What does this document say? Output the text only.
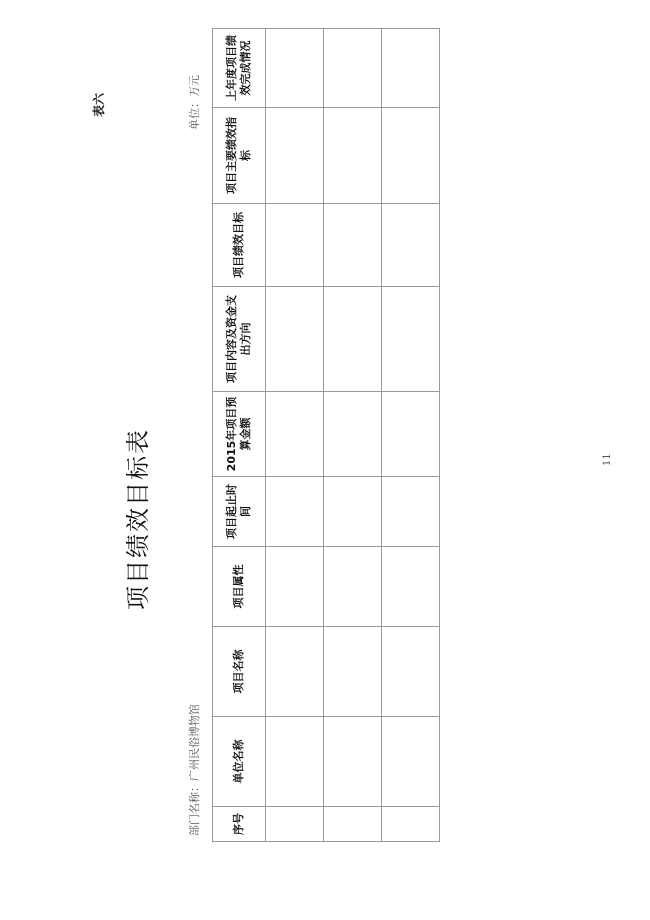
表六
项目绩效目标表
单位：万元
部门名称：广州民俗博物馆	序号	单位名称	项目名称	项目属性	项目起止时间	2015年项目预算金额	项目内容及资金支出方向	项目绩效目标	项目主要绩效指标	上年度项目绩效完成情况

11
